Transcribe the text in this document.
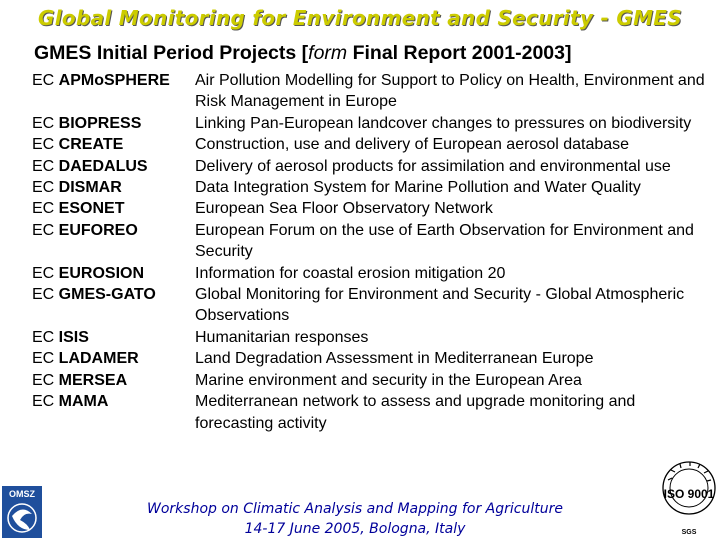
Global Monitoring for Environment and Security - GMES
GMES Initial Period Projects [form Final Report 2001-2003]
EC APMoSPHERE	Air Pollution Modelling for Support to Policy on Health, Environment and Risk Management in Europe
EC BIOPRESS	Linking Pan-European landcover changes to pressures on biodiversity
EC CREATE	Construction, use and delivery of European aerosol database
EC DAEDALUS	Delivery of aerosol products for assimilation and environmental use
EC DISMAR	Data Integration System for Marine Pollution and Water Quality
EC ESONET	European Sea Floor Observatory Network
EC EUFOREO	European Forum on the use of Earth Observation for Environment and Security
EC EUROSION	Information for coastal erosion mitigation 20
EC GMES-GATO	Global Monitoring for Environment and Security - Global Atmospheric Observations
EC ISIS	Humanitarian responses
EC LADAMER	Land Degradation Assessment in Mediterranean Europe
EC MERSEA	Marine environment and security in the European Area
EC MAMA	Mediterranean network to assess and upgrade monitoring and forecasting activity
Workshop on Climatic Analysis and Mapping for Agriculture
14-17 June 2005, Bologna, Italy
OMSZ	ISO 9001
SGS
